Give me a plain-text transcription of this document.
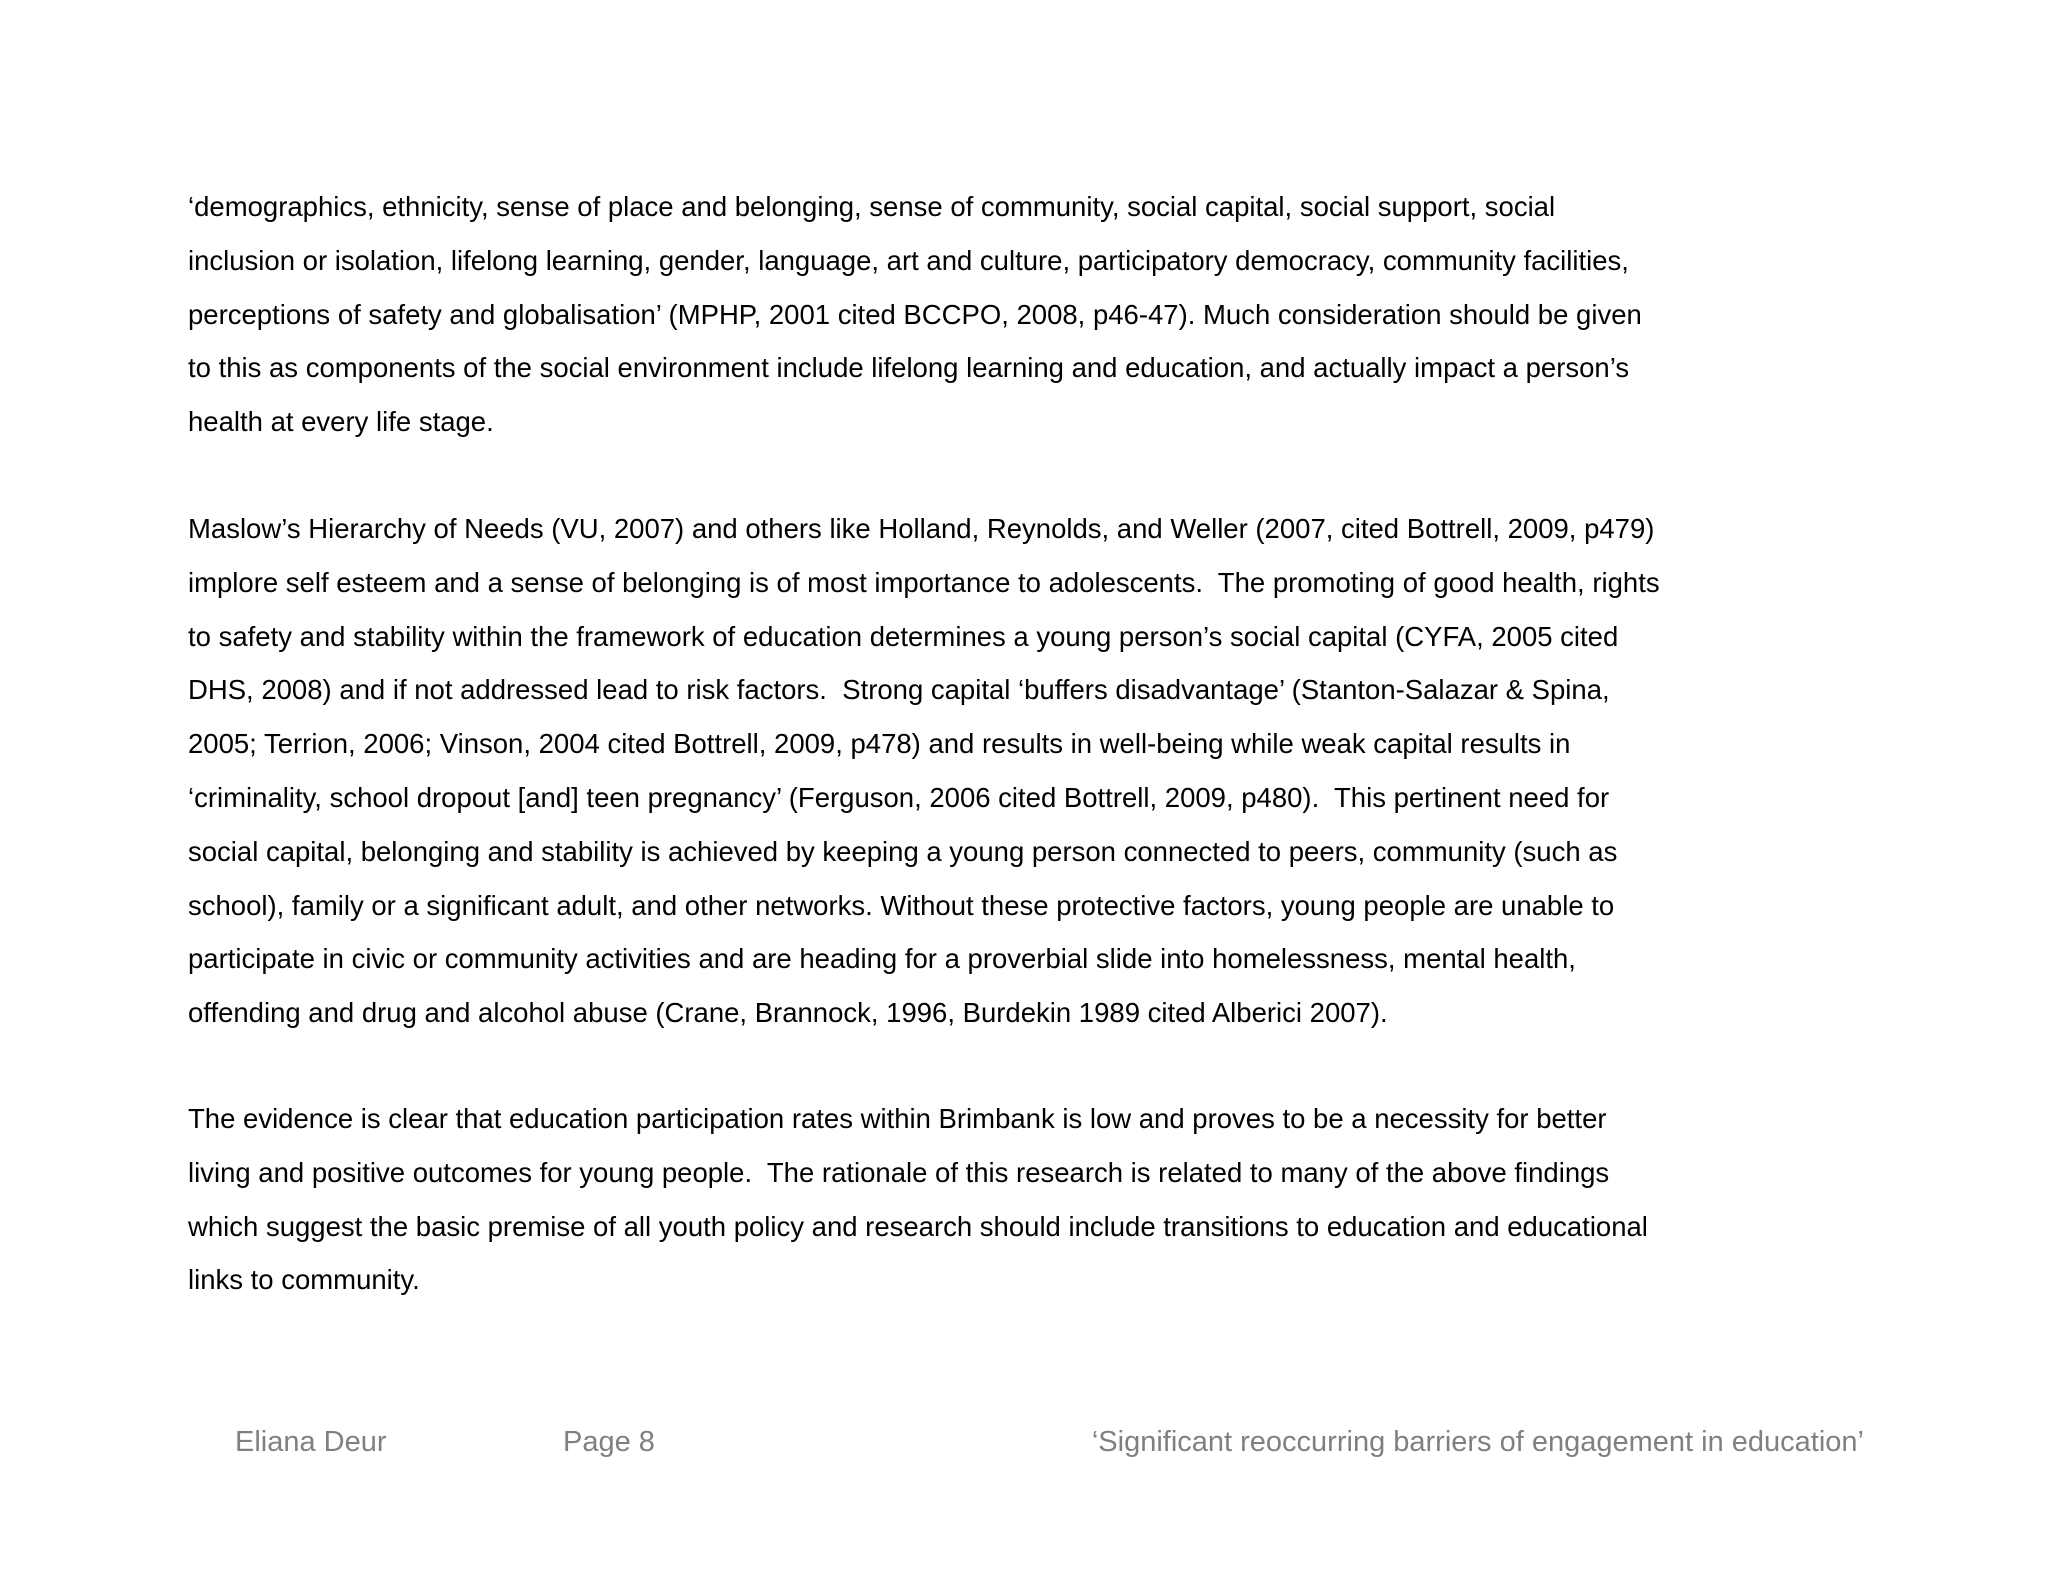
‘demographics, ethnicity, sense of place and belonging, sense of community, social capital, social support, social
inclusion or isolation, lifelong learning, gender, language, art and culture, participatory democracy, community facilities,
perceptions of safety and globalisation’ (MPHP, 2001 cited BCCPO, 2008, p46-47). Much consideration should be given
to this as components of the social environment include lifelong learning and education, and actually impact a person’s
health at every life stage.
Maslow’s Hierarchy of Needs (VU, 2007) and others like Holland, Reynolds, and Weller (2007, cited Bottrell, 2009, p479)
implore self esteem and a sense of belonging is of most importance to adolescents.  The promoting of good health, rights
to safety and stability within the framework of education determines a young person’s social capital (CYFA, 2005 cited
DHS, 2008) and if not addressed lead to risk factors.  Strong capital ‘buffers disadvantage’ (Stanton-Salazar & Spina,
2005; Terrion, 2006; Vinson, 2004 cited Bottrell, 2009, p478) and results in well-being while weak capital results in
‘criminality, school dropout [and] teen pregnancy’ (Ferguson, 2006 cited Bottrell, 2009, p480).  This pertinent need for
social capital, belonging and stability is achieved by keeping a young person connected to peers, community (such as
school), family or a significant adult, and other networks. Without these protective factors, young people are unable to
participate in civic or community activities and are heading for a proverbial slide into homelessness, mental health,
offending and drug and alcohol abuse (Crane, Brannock, 1996, Burdekin 1989 cited Alberici 2007).
The evidence is clear that education participation rates within Brimbank is low and proves to be a necessity for better
living and positive outcomes for young people.  The rationale of this research is related to many of the above findings
which suggest the basic premise of all youth policy and research should include transitions to education and educational
links to community.
Eliana Deur	Page 8	‘Significant reoccurring barriers of engagement in education’
